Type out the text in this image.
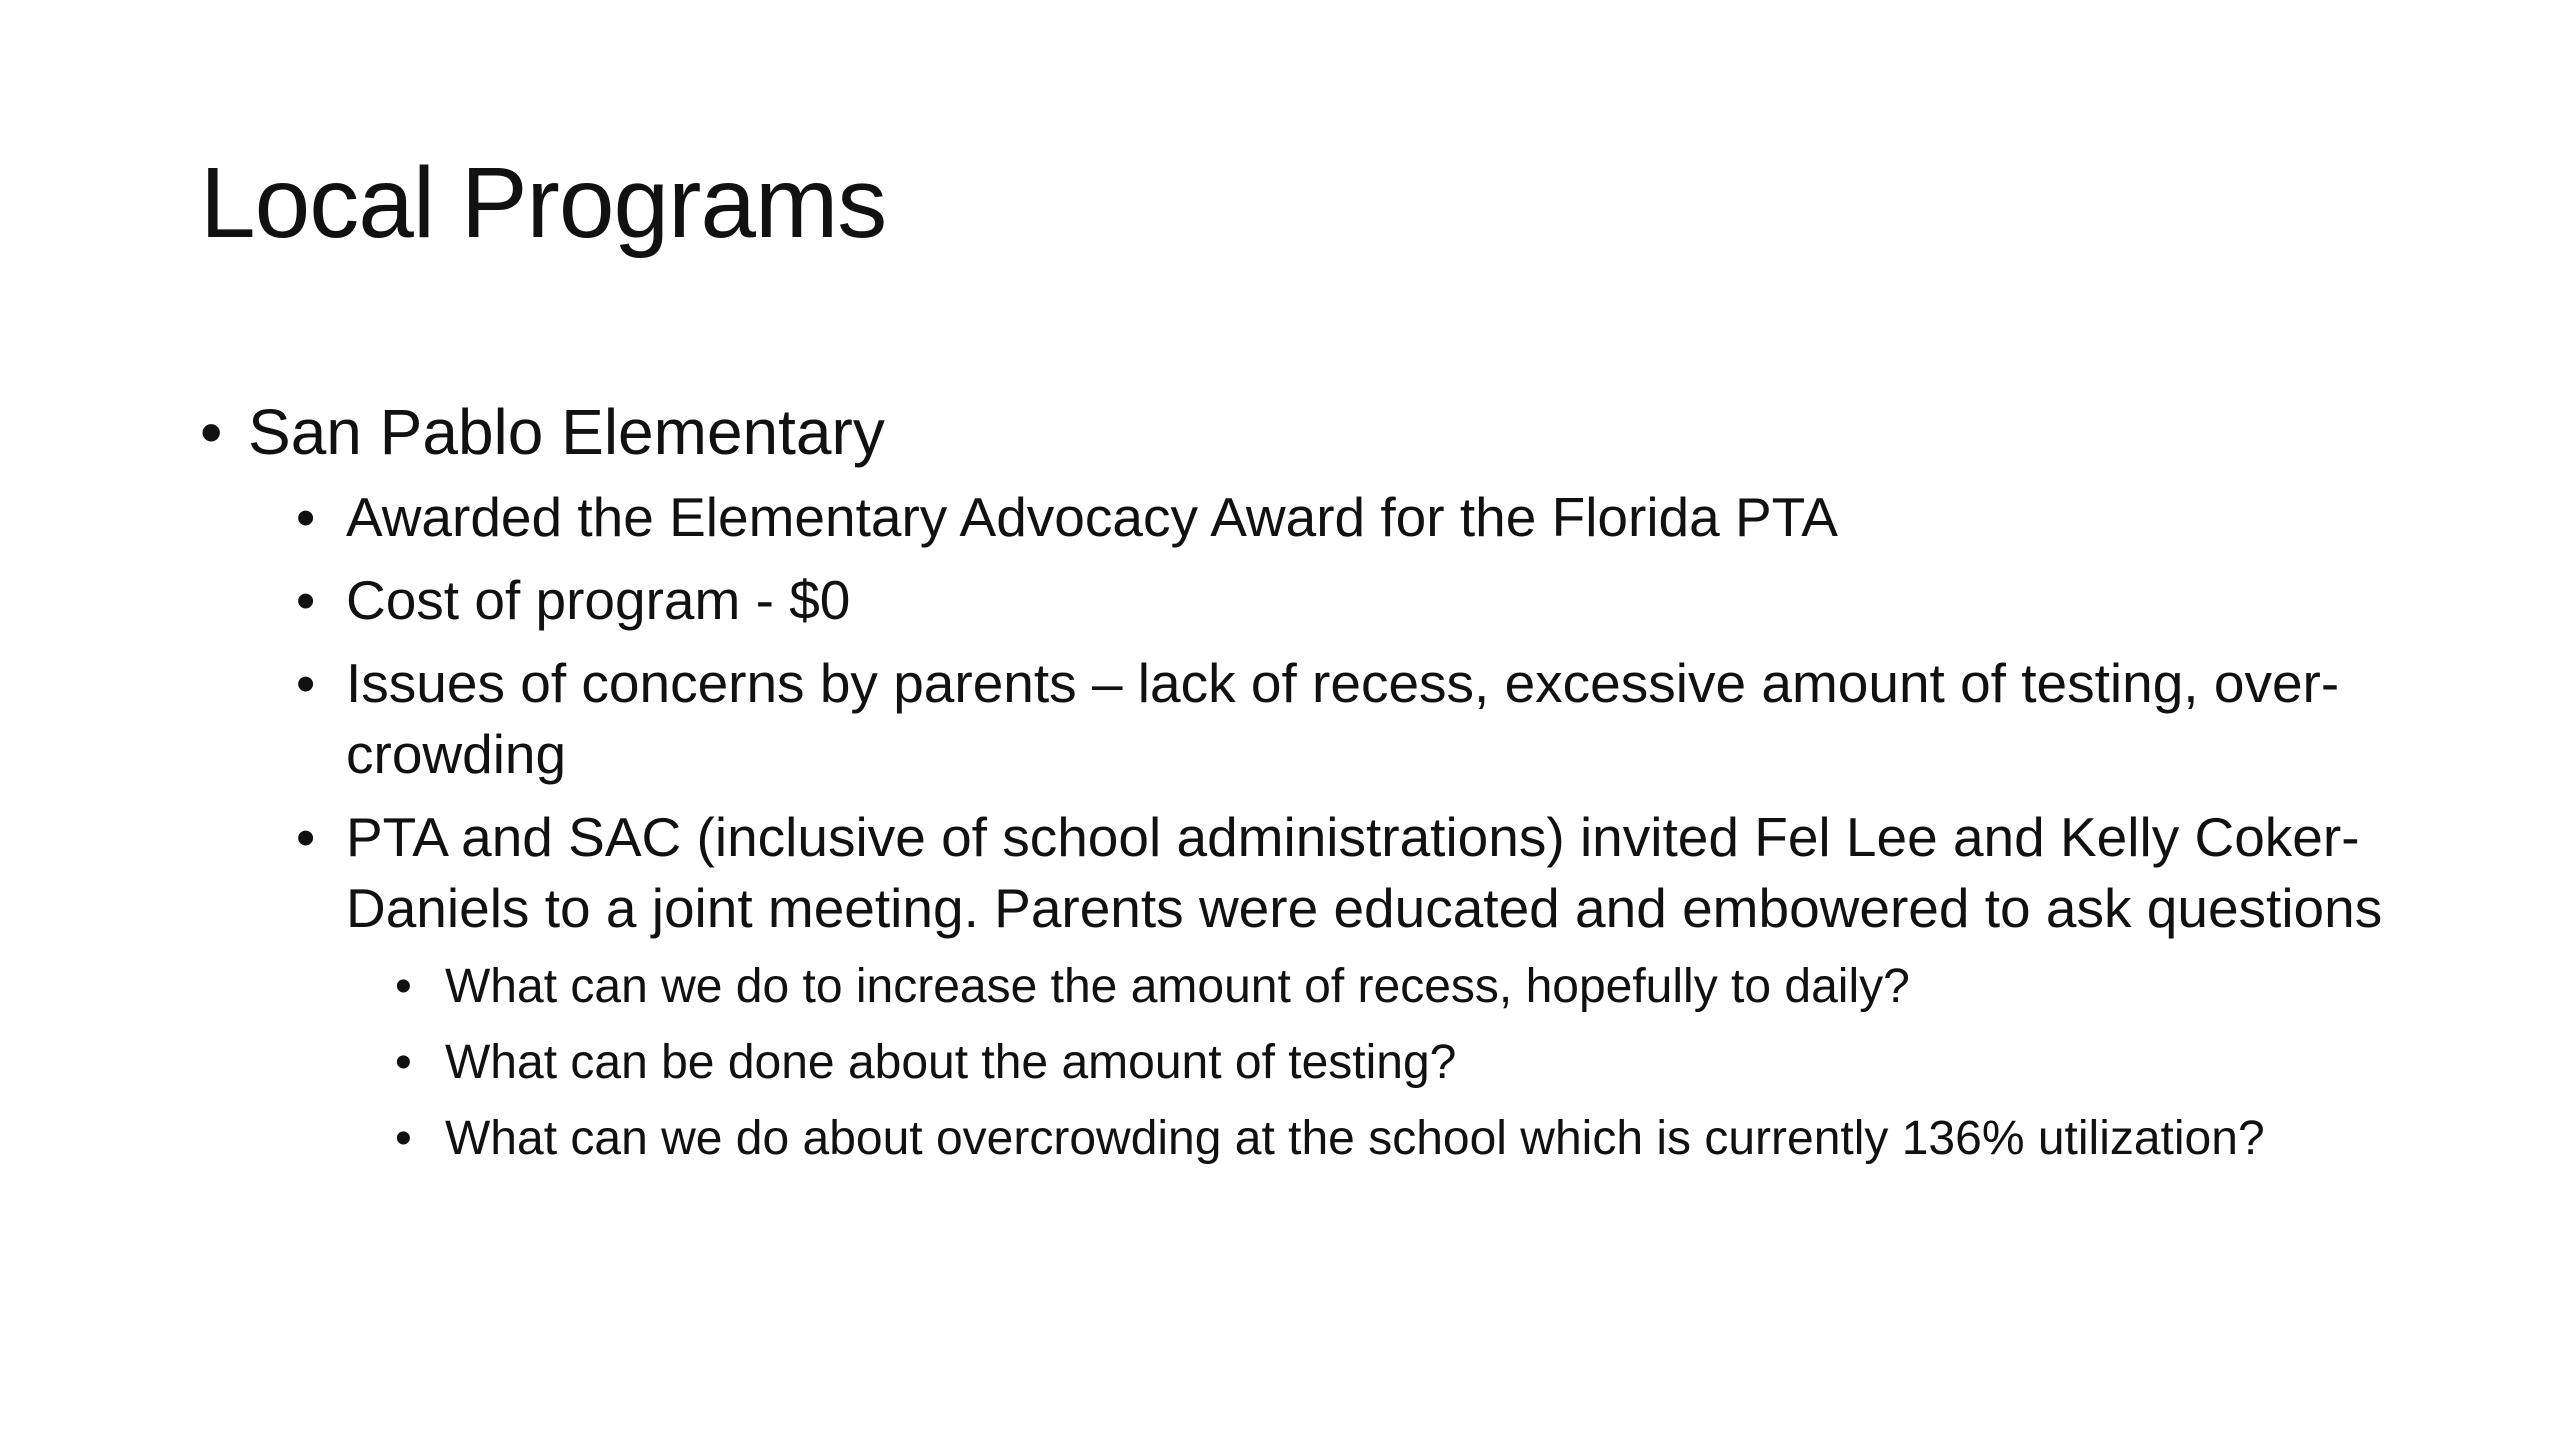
Local Programs
• San Pablo Elementary
• Awarded the Elementary Advocacy Award for the Florida PTA
• Cost of program - $0
• Issues of concerns by parents – lack of recess, excessive amount of testing, over-crowding
• PTA and SAC (inclusive of school administrations) invited Fel Lee and Kelly Coker-Daniels to a joint meeting. Parents were educated and embowered to ask questions
• What can we do to increase the amount of recess, hopefully to daily?
• What can be done about the amount of testing?
• What can we do about overcrowding at the school which is currently 136% utilization?
